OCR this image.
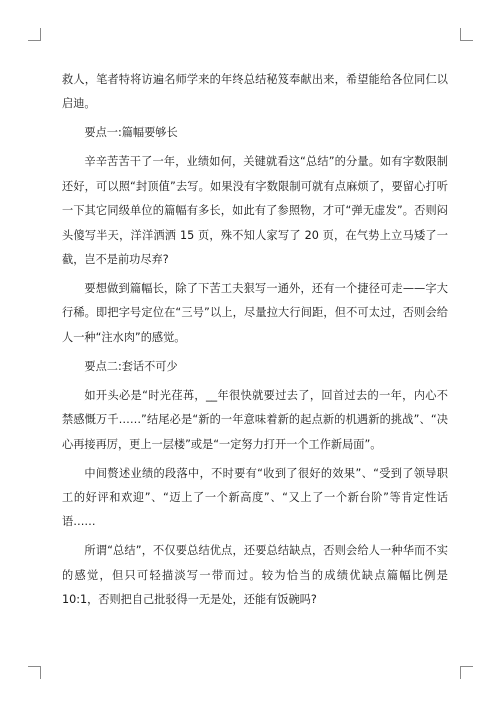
救人，笔者特将访遍名师学来的年终总结秘笈奉献出来，希望能给各位同仁以启迪。

要点一:篇幅要够长

辛辛苦苦干了一年，业绩如何，关键就看这“总结”的分量。如有字数限制还好，可以照“封顶值”去写。如果没有字数限制可就有点麻烦了，要留心打听一下其它同级单位的篇幅有多长，如此有了参照物，才可“弹无虚发”。否则闷头傻写半天，洋洋洒洒 15 页，殊不知人家写了 20 页，在气势上立马矮了一截，岂不是前功尽弃?

要想做到篇幅长，除了下苦工夫狠写一通外，还有一个捷径可走——字大行稀。即把字号定位在“三号”以上，尽量拉大行间距，但不可太过，否则会给人一种“注水肉”的感觉。

要点二:套话不可少

如开头必是“时光荏苒，__年很快就要过去了，回首过去的一年，内心不禁感慨万千……”结尾必是“新的一年意味着新的起点新的机遇新的挑战”、“决心再接再厉，更上一层楼”或是“一定努力打开一个工作新局面”。

中间赘述业绩的段落中，不时要有“收到了很好的效果”、“受到了领导职工的好评和欢迎”、“迈上了一个新高度”、“又上了一个新台阶”等肯定性话语……

所谓“总结”，不仅要总结优点，还要总结缺点，否则会给人一种华而不实的感觉，但只可轻描淡写一带而过。较为恰当的成绩优缺点篇幅比例是 10:1，否则把自己批驳得一无是处，还能有饭碗吗?
